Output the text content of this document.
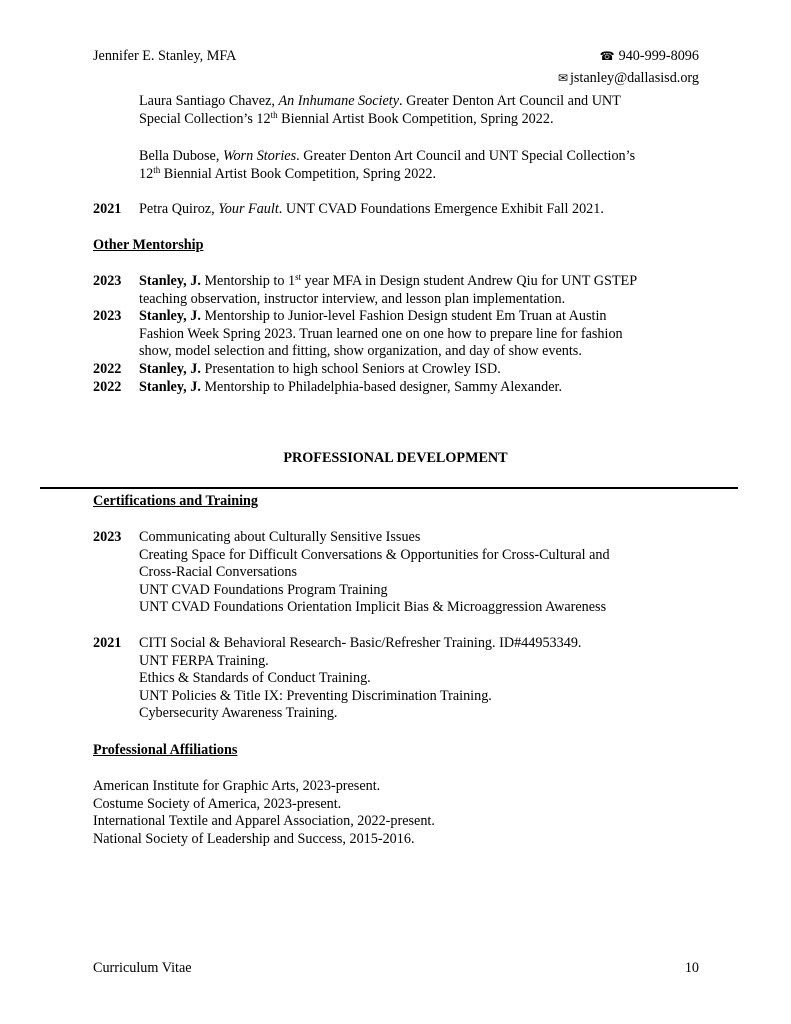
Jennifer E. Stanley, MFA	☎ 940-999-8096
✉ jstanley@dallasisd.org
Laura Santiago Chavez, An Inhumane Society. Greater Denton Art Council and UNT
Special Collection’s 12th Biennial Artist Book Competition, Spring 2022.
Bella Dubose, Worn Stories. Greater Denton Art Council and UNT Special Collection’s
12th Biennial Artist Book Competition, Spring 2022.
2021 Petra Quiroz, Your Fault. UNT CVAD Foundations Emergence Exhibit Fall 2021.
Other Mentorship
2023 Stanley, J. Mentorship to 1st year MFA in Design student Andrew Qiu for UNT GSTEP
teaching observation, instructor interview, and lesson plan implementation.
2023 Stanley, J. Mentorship to Junior-level Fashion Design student Em Truan at Austin
Fashion Week Spring 2023. Truan learned one on one how to prepare line for fashion
show, model selection and fitting, show organization, and day of show events.
2022 Stanley, J. Presentation to high school Seniors at Crowley ISD.
2022 Stanley, J. Mentorship to Philadelphia-based designer, Sammy Alexander.
PROFESSIONAL DEVELOPMENT
Certifications and Training
2023 Communicating about Culturally Sensitive Issues
Creating Space for Difficult Conversations & Opportunities for Cross-Cultural and
Cross-Racial Conversations
UNT CVAD Foundations Program Training
UNT CVAD Foundations Orientation Implicit Bias & Microaggression Awareness
2021 CITI Social & Behavioral Research- Basic/Refresher Training. ID#44953349.
UNT FERPA Training.
Ethics & Standards of Conduct Training.
UNT Policies & Title IX: Preventing Discrimination Training.
Cybersecurity Awareness Training.
Professional Affiliations
American Institute for Graphic Arts, 2023-present.
Costume Society of America, 2023-present.
International Textile and Apparel Association, 2022-present.
National Society of Leadership and Success, 2015-2016.
Curriculum Vitae	10
